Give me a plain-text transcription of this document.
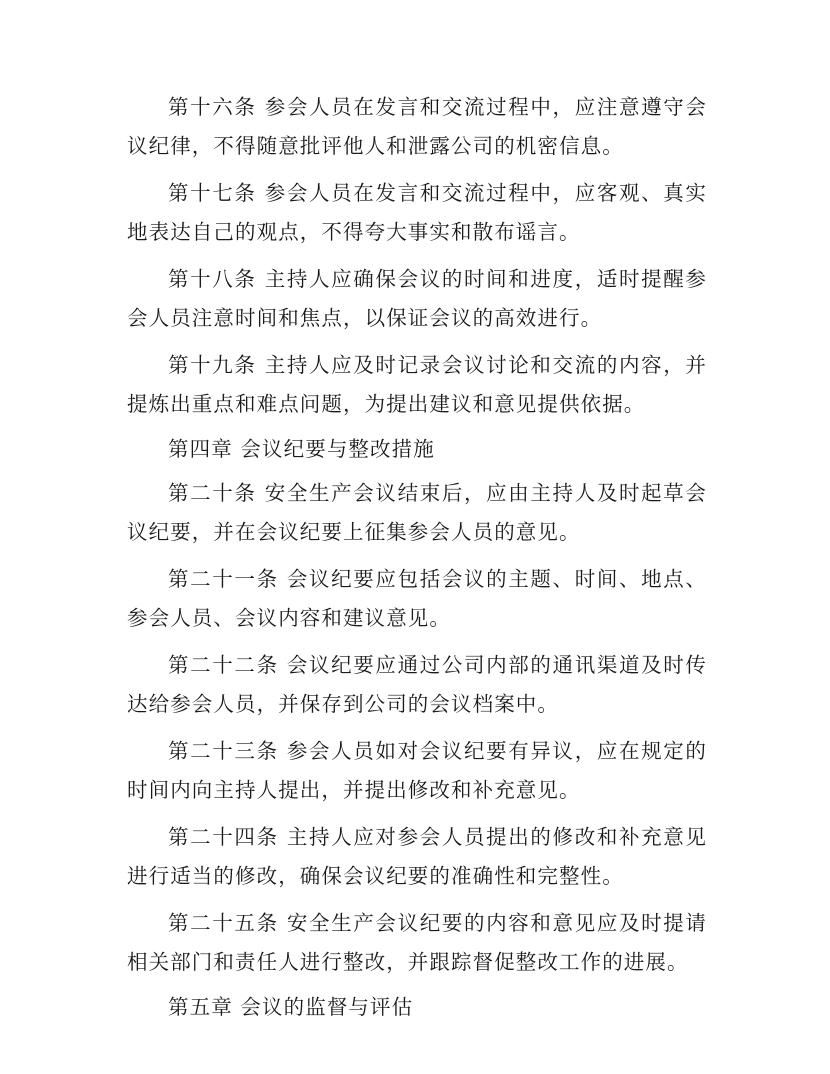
第十六条 参会人员在发言和交流过程中，应注意遵守会议纪律，不得随意批评他人和泄露公司的机密信息。

第十七条 参会人员在发言和交流过程中，应客观、真实地表达自己的观点，不得夸大事实和散布谣言。

第十八条 主持人应确保会议的时间和进度，适时提醒参会人员注意时间和焦点，以保证会议的高效进行。

第十九条 主持人应及时记录会议讨论和交流的内容，并提炼出重点和难点问题，为提出建议和意见提供依据。

第四章 会议纪要与整改措施

第二十条 安全生产会议结束后，应由主持人及时起草会议纪要，并在会议纪要上征集参会人员的意见。

第二十一条 会议纪要应包括会议的主题、时间、地点、参会人员、会议内容和建议意见。

第二十二条 会议纪要应通过公司内部的通讯渠道及时传达给参会人员，并保存到公司的会议档案中。

第二十三条 参会人员如对会议纪要有异议，应在规定的时间内向主持人提出，并提出修改和补充意见。

第二十四条 主持人应对参会人员提出的修改和补充意见进行适当的修改，确保会议纪要的准确性和完整性。

第二十五条 安全生产会议纪要的内容和意见应及时提请相关部门和责任人进行整改，并跟踪督促整改工作的进展。

第五章 会议的监督与评估
